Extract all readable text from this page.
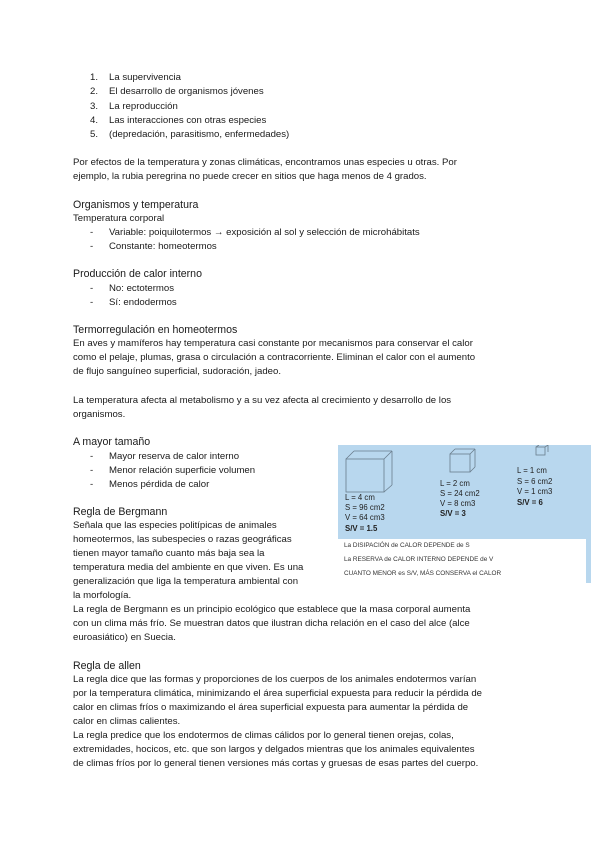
1. La supervivencia
2. El desarrollo de organismos jóvenes
3. La reproducción
4. Las interacciones con otras especies
5. (depredación, parasitismo, enfermedades)
Por efectos de la temperatura y zonas climáticas, encontramos unas especies u otras. Por
ejemplo, la rubia peregrina no puede crecer en sitios que haga menos de 4 grados.
Organismos y temperatura
Temperatura corporal
- Variable: poiquilotermos → exposición al sol y selección de microhábitats
- Constante: homeotermos
Producción de calor interno
- No: ectotermos
- Sí: endodermos
Termorregulación en homeotermos
En aves y mamíferos hay temperatura casi constante por mecanismos para conservar el calor
como el pelaje, plumas, grasa o circulación a contracorriente. Eliminan el calor con el aumento
de flujo sanguíneo superficial, sudoración, jadeo.
La temperatura afecta al metabolismo y a su vez afecta al crecimiento y desarrollo de los
organismos.
A mayor tamaño
- Mayor reserva de calor interno
- Menor relación superficie volumen
- Menos pérdida de calor
Regla de Bergmann
Señala que las especies politípicas de animales
homeotermos, las subespecies o razas geográficas
tienen mayor tamaño cuanto más baja sea la
temperatura media del ambiente en que viven. Es una
generalización que liga la temperatura ambiental con
la morfología.
La regla de Bergmann es un principio ecológico que establece que la masa corporal aumenta
con un clima más frío. Se muestran datos que ilustran dicha relación en el caso del alce (alce
euroasiático) en Suecia.
Regla de allen
La regla dice que las formas y proporciones de los cuerpos de los animales endotermos varían
por la temperatura climática, minimizando el área superficial expuesta para reducir la pérdida de
calor en climas fríos o maximizando el área superficial expuesta para aumentar la pérdida de
calor en climas calientes.
La regla predice que los endotermos de climas cálidos por lo general tienen orejas, colas,
extremidades, hocicos, etc. que son largos y delgados mientras que los animales equivalentes
de climas fríos por lo general tienen versiones más cortas y gruesas de esas partes del cuerpo.
L = 4 cm
S = 96 cm2
V = 64 cm3
S/V = 1.5
L = 2 cm
S = 24 cm2
V = 8 cm3
S/V = 3
L = 1 cm
S = 6 cm2
V = 1 cm3
S/V = 6
La DISIPACIÓN de CALOR DEPENDE de S
La RESERVA de CALOR INTERNO DEPENDE de V
CUANTO MENOR es S/V, MÁS CONSERVA el CALOR
